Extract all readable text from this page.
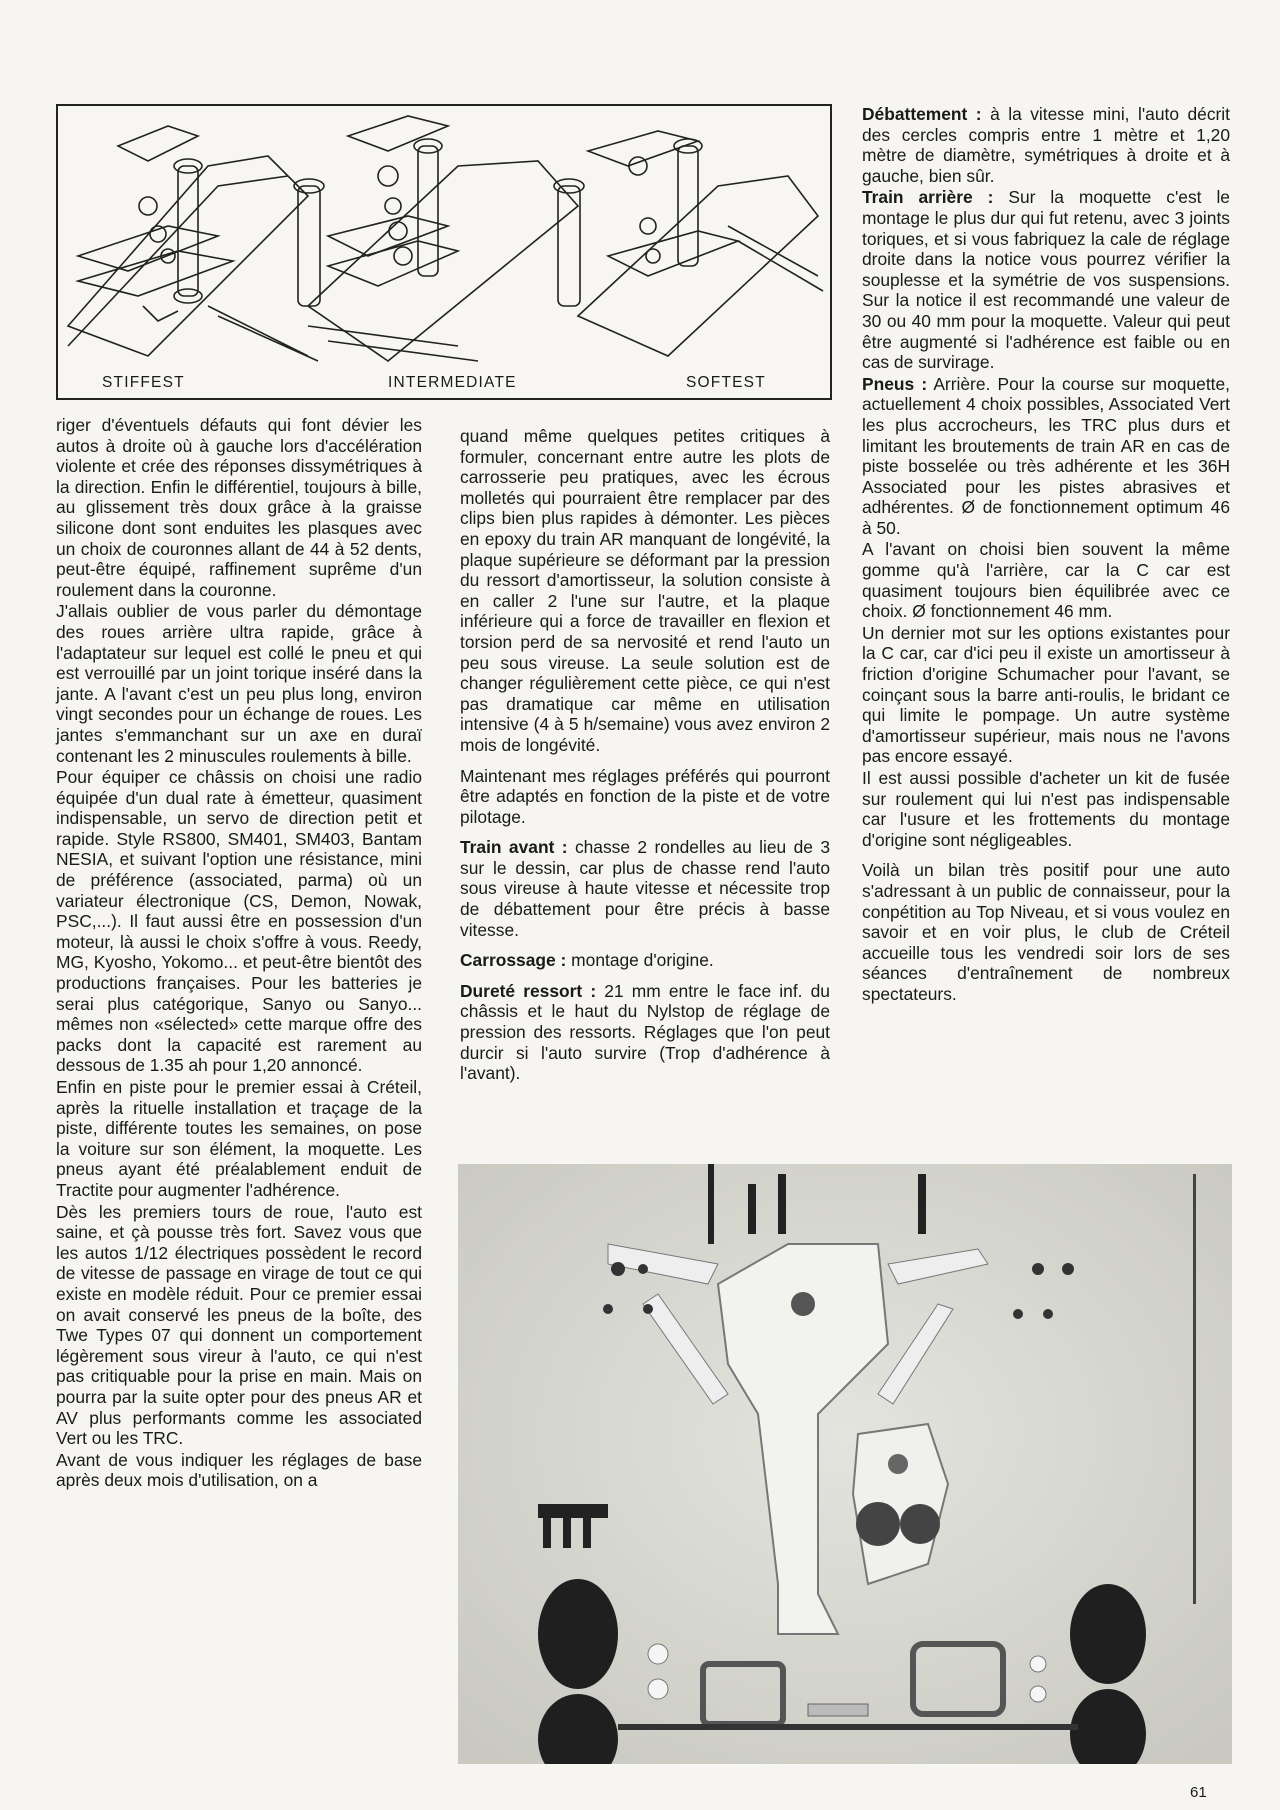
STIFFEST	INTERMEDIATE	SOFTEST

riger d'éventuels défauts qui font dévier les autos à droite où à gauche lors d'accélération violente et crée des réponses dissymétriques à la direction. Enfin le différentiel, toujours à bille, au glissement très doux grâce à la graisse silicone dont sont enduites les plasques avec un choix de couronnes allant de 44 à 52 dents, peut-être équipé, raffinement suprême d'un roulement dans la couronne.

J'allais oublier de vous parler du démontage des roues arrière ultra rapide, grâce à l'adaptateur sur lequel est collé le pneu et qui est verrouillé par un joint torique inséré dans la jante. A l'avant c'est un peu plus long, environ vingt secondes pour un échange de roues. Les jantes s'emmanchant sur un axe en duraï contenant les 2 minuscules roulements à bille.

Pour équiper ce châssis on choisi une radio équipée d'un dual rate à émetteur, quasiment indispensable, un servo de direction petit et rapide. Style RS800, SM401, SM403, Bantam NESIA, et suivant l'option une résistance, mini de préférence (associated, parma) où un variateur électronique (CS, Demon, Nowak, PSC,...). Il faut aussi être en possession d'un moteur, là aussi le choix s'offre à vous. Reedy, MG, Kyosho, Yokomo... et peut-être bientôt des productions françaises. Pour les batteries je serai plus catégorique, Sanyo ou Sanyo... mêmes non «sélected» cette marque offre des packs dont la capacité est rarement au dessous de 1.35 ah pour 1,20 annoncé.

Enfin en piste pour le premier essai à Créteil, après la rituelle installation et traçage de la piste, différente toutes les semaines, on pose la voiture sur son élément, la moquette. Les pneus ayant été préalablement enduit de Tractite pour augmenter l'adhérence.

Dès les premiers tours de roue, l'auto est saine, et çà pousse très fort. Savez vous que les autos 1/12 électriques possèdent le record de vitesse de passage en virage de tout ce qui existe en modèle réduit. Pour ce premier essai on avait conservé les pneus de la boîte, des Twe Types 07 qui donnent un comportement légèrement sous vireur à l'auto, ce qui n'est pas critiquable pour la prise en main. Mais on pourra par la suite opter pour des pneus AR et AV plus performants comme les associated Vert ou les TRC.

Avant de vous indiquer les réglages de base après deux mois d'utilisation, on a

quand même quelques petites critiques à formuler, concernant entre autre les plots de carrosserie peu pratiques, avec les écrous molletés qui pourraient être remplacer par des clips bien plus rapides à démonter. Les pièces en epoxy du train AR manquant de longévité, la plaque supérieure se déformant par la pression du ressort d'amortisseur, la solution consiste à en caller 2 l'une sur l'autre, et la plaque inférieure qui a force de travailler en flexion et torsion perd de sa nervosité et rend l'auto un peu sous vireuse. La seule solution est de changer régulièrement cette pièce, ce qui n'est pas dramatique car même en utilisation intensive (4 à 5 h/semaine) vous avez environ 2 mois de longévité.

Maintenant mes réglages préférés qui pourront être adaptés en fonction de la piste et de votre pilotage.

Train avant : chasse 2 rondelles au lieu de 3 sur le dessin, car plus de chasse rend l'auto sous vireuse à haute vitesse et nécessite trop de débattement pour être précis à basse vitesse.

Carrossage : montage d'origine.

Dureté ressort : 21 mm entre le face inf. du châssis et le haut du Nylstop de réglage de pression des ressorts. Réglages que l'on peut durcir si l'auto survire (Trop d'adhérence à l'avant).

Débattement : à la vitesse mini, l'auto décrit des cercles compris entre 1 mètre et 1,20 mètre de diamètre, symétriques à droite et à gauche, bien sûr.

Train arrière : Sur la moquette c'est le montage le plus dur qui fut retenu, avec 3 joints toriques, et si vous fabriquez la cale de réglage droite dans la notice vous pourrez vérifier la souplesse et la symétrie de vos suspensions. Sur la notice il est recommandé une valeur de 30 ou 40 mm pour la moquette. Valeur qui peut être augmenté si l'adhérence est faible ou en cas de survirage.

Pneus : Arrière. Pour la course sur moquette, actuellement 4 choix possibles, Associated Vert les plus accrocheurs, les TRC plus durs et limitant les broutements de train AR en cas de piste bosselée ou très adhérente et les 36H Associated pour les pistes abrasives et adhérentes. Ø de fonctionnement optimum 46 à 50.

A l'avant on choisi bien souvent la même gomme qu'à l'arrière, car la C car est quasiment toujours bien équilibrée avec ce choix. Ø fonctionnement 46 mm.

Un dernier mot sur les options existantes pour la C car, car d'ici peu il existe un amortisseur à friction d'origine Schumacher pour l'avant, se coinçant sous la barre anti-roulis, le bridant ce qui limite le pompage. Un autre système d'amortisseur supérieur, mais nous ne l'avons pas encore essayé.

Il est aussi possible d'acheter un kit de fusée sur roulement qui lui n'est pas indispensable car l'usure et les frottements du montage d'origine sont négligeables.

Voilà un bilan très positif pour une auto s'adressant à un public de connaisseur, pour la conpétition au Top Niveau, et si vous voulez en savoir et en voir plus, le club de Créteil accueille tous les vendredi soir lors de ses séances d'entraînement de nombreux spectateurs.

61
